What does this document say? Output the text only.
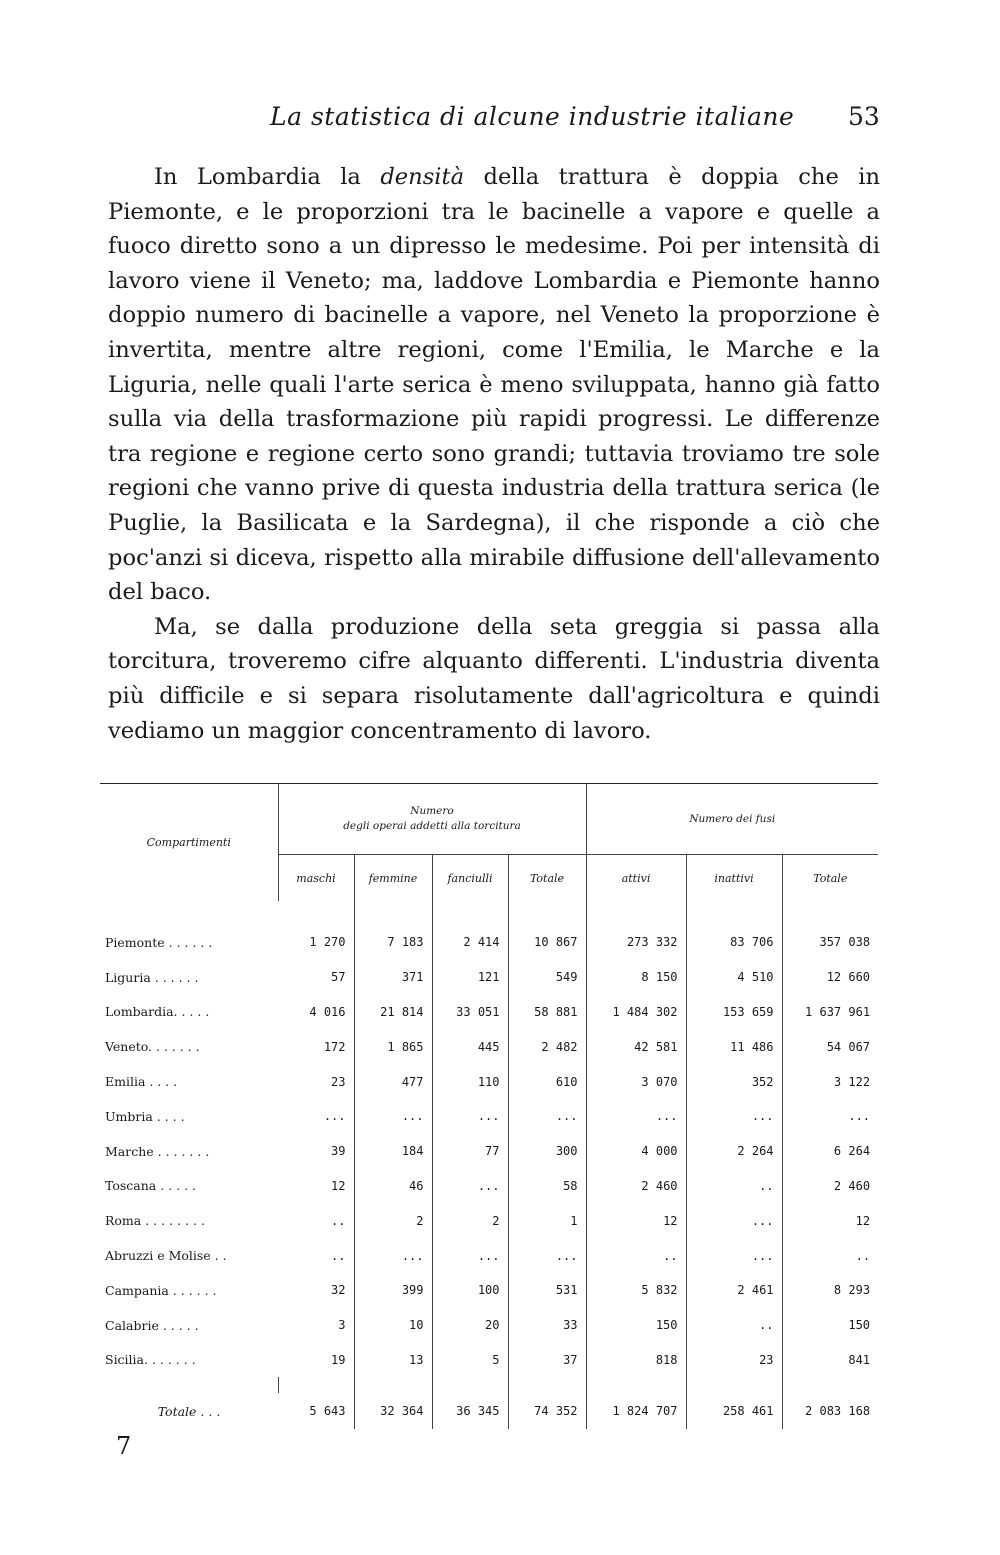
La statistica di alcune industrie italiane 53

In Lombardia la densità della trattura è doppia che in Piemonte, e le proporzioni tra le bacinelle a vapore e quelle a fuoco diretto sono a un dipresso le medesime. Poi per intensità di lavoro viene il Veneto; ma, laddove Lombardia e Piemonte hanno doppio numero di bacinelle a vapore, nel Veneto la proporzione è invertita, mentre altre regioni, come l'Emilia, le Marche e la Liguria, nelle quali l'arte serica è meno sviluppata, hanno già fatto sulla via della trasformazione più rapidi progressi. Le differenze tra regione e regione certo sono grandi; tuttavia troviamo tre sole regioni che vanno prive di questa industria della trattura serica (le Puglie, la Basilicata e la Sardegna), il che risponde a ciò che poc'anzi si diceva, rispetto alla mirabile diffusione dell'allevamento del baco.

Ma, se dalla produzione della seta greggia si passa alla torcitura, troveremo cifre alquanto differenti. L'industria diventa più difficile e si separa risolutamente dall'agricoltura e quindi vediamo un maggior concentramento di lavoro.

Compartimenti	Numero
degli operai addetti alla torcitura				Numero dei fusi		
	maschi	femmine	fanciulli	Totale	attivi	inattivi	Totale
Piemonte . . . . . .	1 270	7 183	2 414	10 867	273 332	83 706	357 038
Liguria . . . . . .	57	371	121	549	8 150	4 510	12 660
Lombardia. . . . .	4 016	21 814	33 051	58 881	1 484 302	153 659	1 637 961
Veneto. . . . . . .	172	1 865	445	2 482	42 581	11 486	54 067
Emilia . . . .	23	477	110	610	3 070	352	3 122
Umbria . . . .	...	...	...	...	...	...	...
Marche . . . . . . .	39	184	77	300	4 000	2 264	6 264
Toscana . . . . .	12	46	...	58	2 460	..	2 460
Roma . . . . . . . .	..	2	2	1	12	...	12
Abruzzi e Molise . .	..	...	...	...	..	...	..
Campania . . . . . .	32	399	100	531	5 832	2 461	8 293
Calabrie . . . . .	3	10	20	33	150	..	150
Sicilia. . . . . . .	19	13	5	37	818	23	841

Totale . . .	5 643	32 364	36 345	74 352	1 824 707	258 461	2 083 168
7
